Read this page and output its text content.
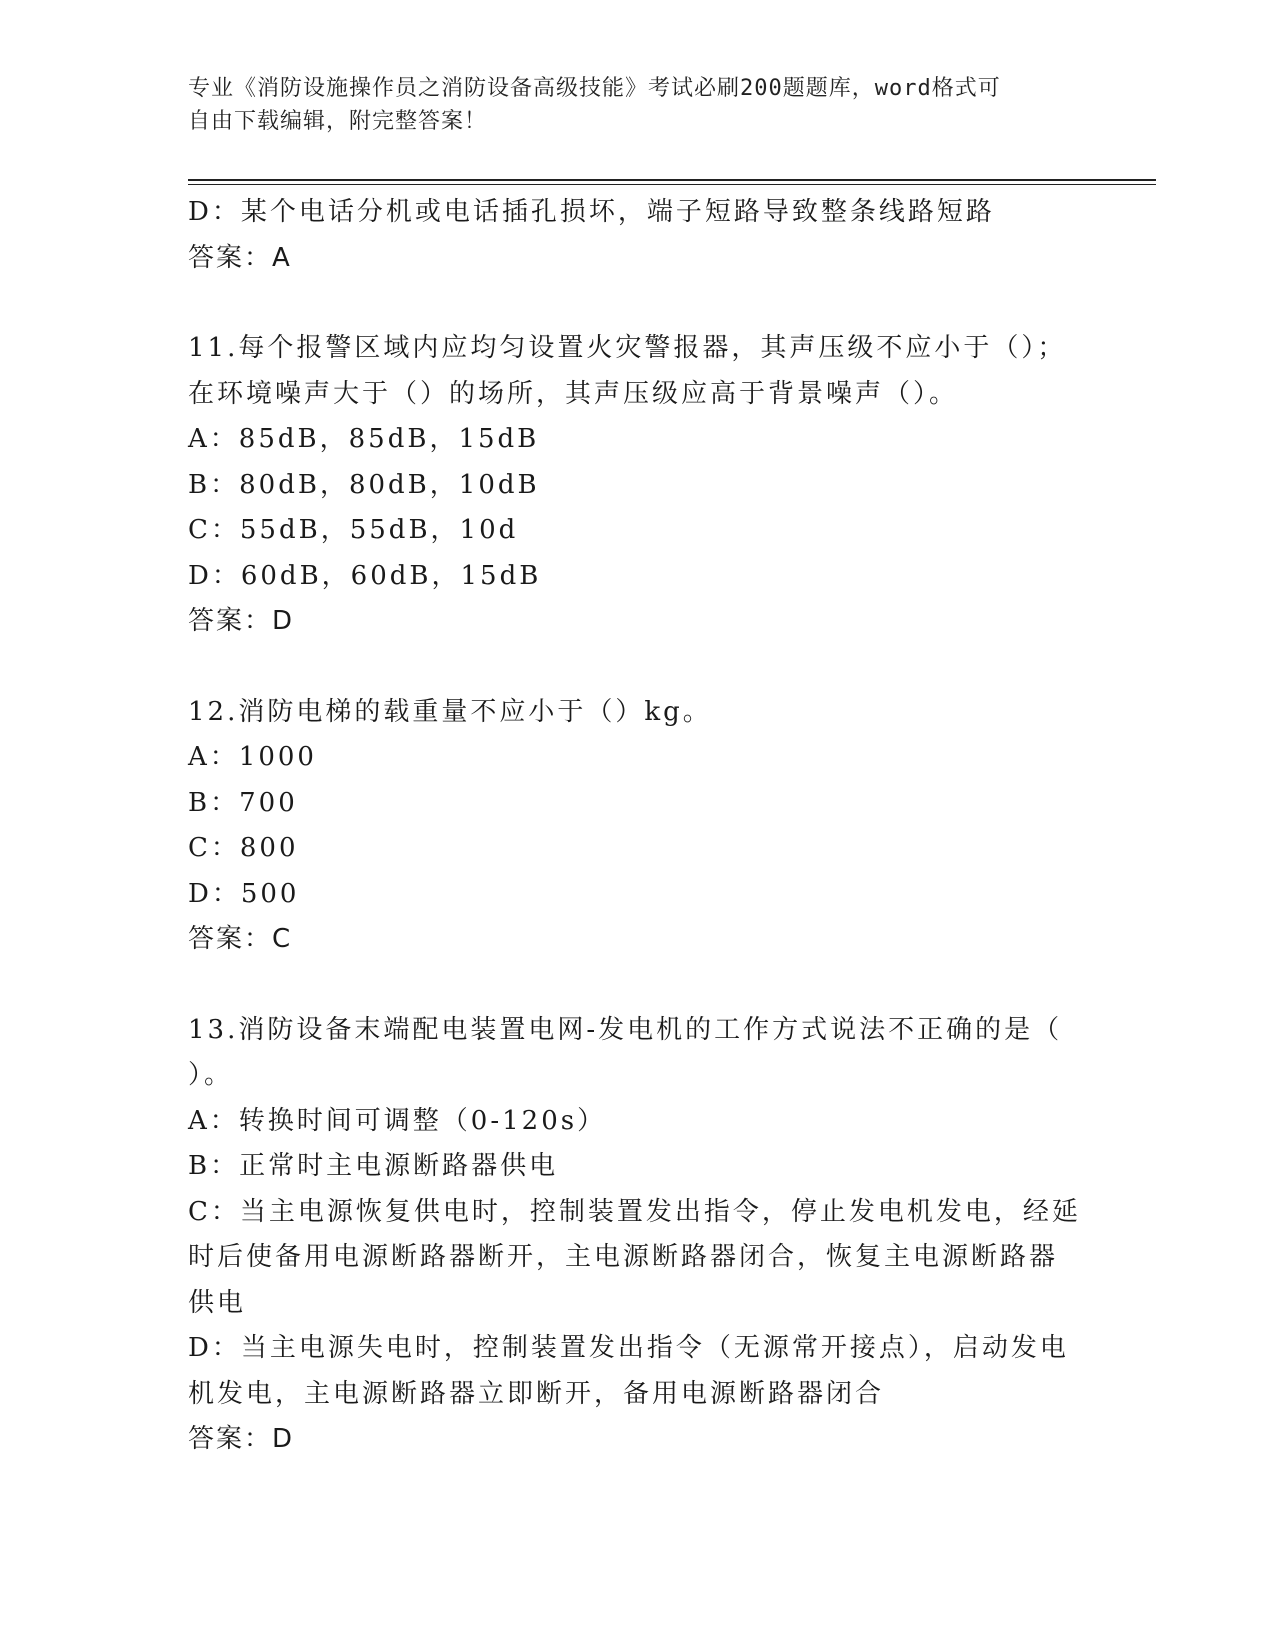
专业《消防设施操作员之消防设备高级技能》考试必刷200题题库，word格式可
自由下载编辑，附完整答案！
D：某个电话分机或电话插孔损坏，端子短路导致整条线路短路
答案：A
11.每个报警区域内应均匀设置火灾警报器，其声压级不应小于（）；
在环境噪声大于（）的场所，其声压级应高于背景噪声（）。
A：85dB，85dB，15dB
B：80dB，80dB，10dB
C：55dB，55dB，10d
D：60dB，60dB，15dB
答案：D
12.消防电梯的载重量不应小于（）kg。
A：1000
B：700
C：800
D：500
答案：C
13.消防设备末端配电装置电网-发电机的工作方式说法不正确的是（
）。
A：转换时间可调整（0-120s）
B：正常时主电源断路器供电
C：当主电源恢复供电时，控制装置发出指令，停止发电机发电，经延
时后使备用电源断路器断开，主电源断路器闭合，恢复主电源断路器
供电
D：当主电源失电时，控制装置发出指令（无源常开接点），启动发电
机发电，主电源断路器立即断开，备用电源断路器闭合
答案：D
